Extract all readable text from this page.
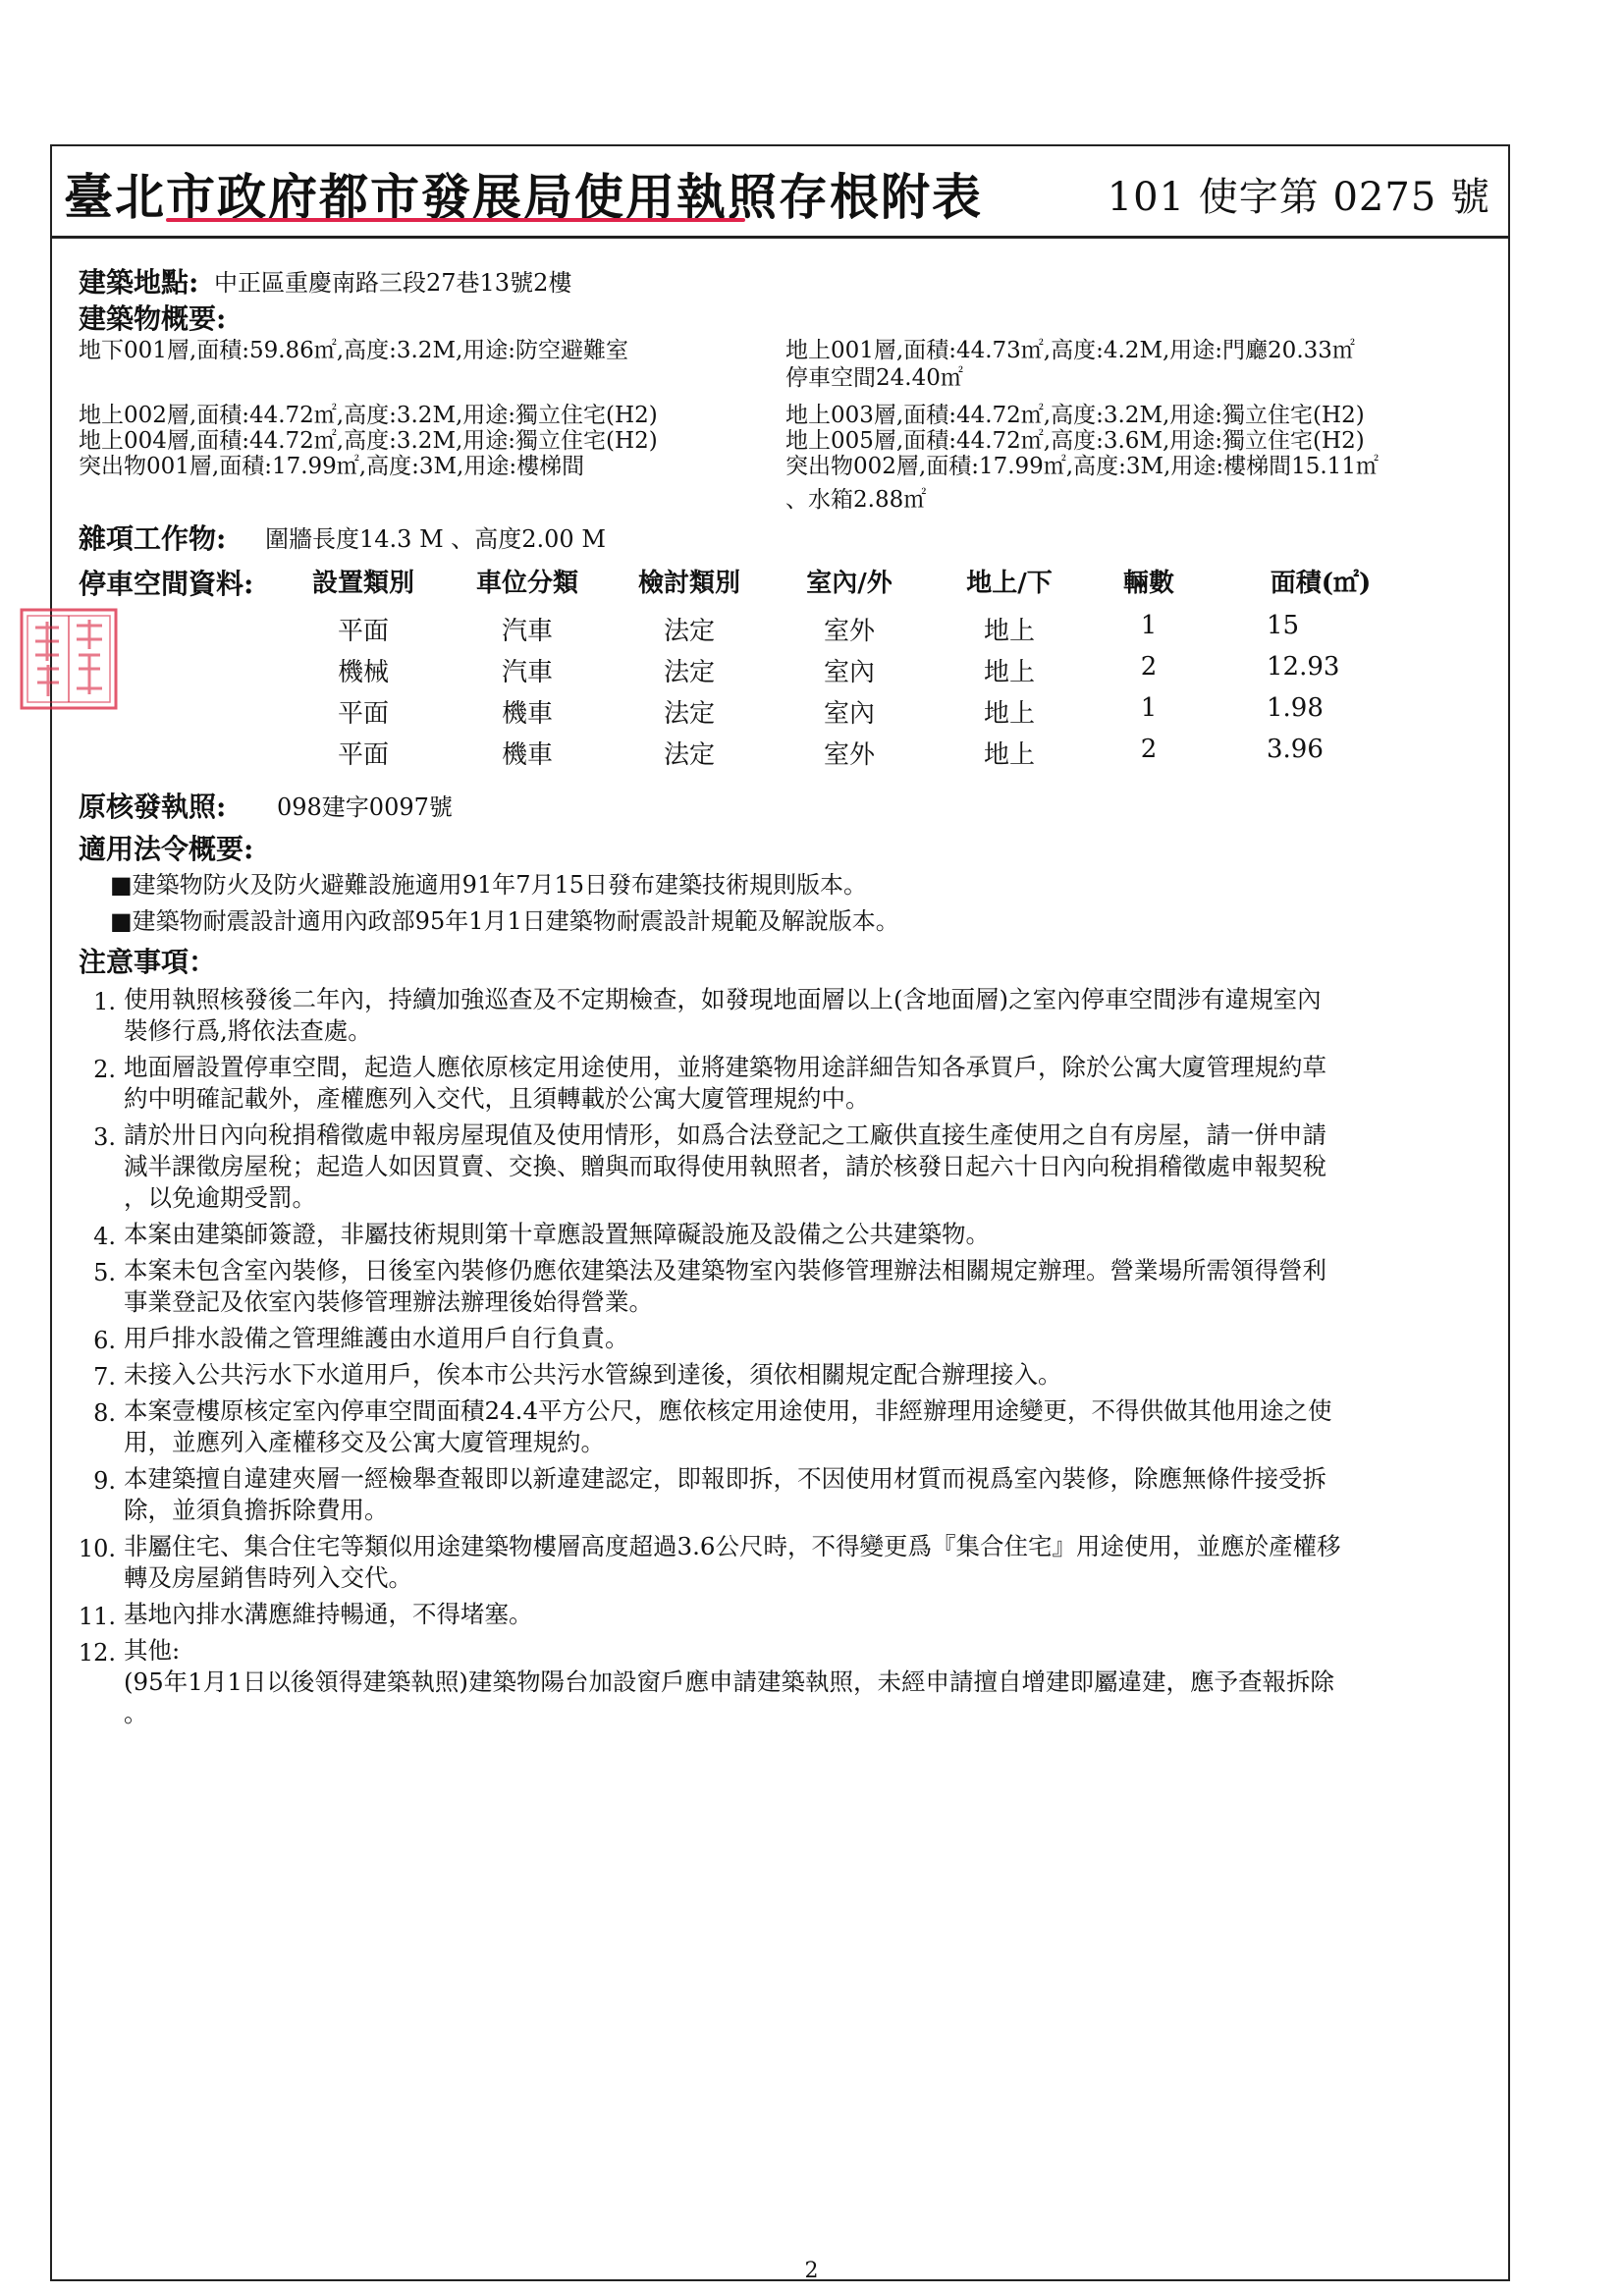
臺北市政府都市發展局使用執照存根附表	101 使字第 0275 號
建築地點: 中正區重慶南路三段27巷13號2樓
建築物概要:
地下001層,面積:59.86㎡,高度:3.2M,用途:防空避難室
地上002層,面積:44.72㎡,高度:3.2M,用途:獨立住宅(H2)
地上004層,面積:44.72㎡,高度:3.2M,用途:獨立住宅(H2)
突出物001層,面積:17.99㎡,高度:3M,用途:樓梯間
地上001層,面積:44.73㎡,高度:4.2M,用途:門廳20.33㎡
停車空間24.40㎡
地上003層,面積:44.72㎡,高度:3.2M,用途:獨立住宅(H2)
地上005層,面積:44.72㎡,高度:3.6M,用途:獨立住宅(H2)
突出物002層,面積:17.99㎡,高度:3M,用途:樓梯間15.11㎡
、水箱2.88㎡
雜項工作物: 圍牆長度14.3 M 、高度2.00 M
停車空間資料:	設置類別	車位分類	檢討類別	室內/外	地上/下	輛數	面積(㎡)
平面	汽車	法定	室外	地上	1	15
機械	汽車	法定	室內	地上	2	12.93
平面	機車	法定	室內	地上	1	1.98
平面	機車	法定	室外	地上	2	3.96
原核發執照: 098建字0097號
適用法令概要:
■建築物防火及防火避難設施適用91年7月15日發布建築技術規則版本。
■建築物耐震設計適用內政部95年1月1日建築物耐震設計規範及解說版本。
注意事項：
1. 使用執照核發後二年內，持續加強巡查及不定期檢查，如發現地面層以上(含地面層)之室內停車空間涉有違規室內
裝修行爲,將依法查處。
2. 地面層設置停車空間，起造人應依原核定用途使用，並將建築物用途詳細告知各承買戶，除於公寓大廈管理規約草
約中明確記載外，產權應列入交代，且須轉載於公寓大廈管理規約中。
3. 請於卅日內向稅捐稽徵處申報房屋現值及使用情形，如爲合法登記之工廠供直接生產使用之自有房屋，請一併申請
減半課徵房屋稅；起造人如因買賣、交換、贈與而取得使用執照者，請於核發日起六十日內向稅捐稽徵處申報契稅
，以免逾期受罰。
4. 本案由建築師簽證，非屬技術規則第十章應設置無障礙設施及設備之公共建築物。
5. 本案未包含室內裝修，日後室內裝修仍應依建築法及建築物室內裝修管理辦法相關規定辦理。營業場所需領得營利
事業登記及依室內裝修管理辦法辦理後始得營業。
6. 用戶排水設備之管理維護由水道用戶自行負責。
7. 未接入公共污水下水道用戶，俟本市公共污水管線到達後，須依相關規定配合辦理接入。
8. 本案壹樓原核定室內停車空間面積24.4平方公尺，應依核定用途使用，非經辦理用途變更，不得供做其他用途之使
用，並應列入產權移交及公寓大廈管理規約。
9. 本建築擅自違建夾層一經檢舉查報即以新違建認定，即報即拆，不因使用材質而視爲室內裝修，除應無條件接受拆
除，並須負擔拆除費用。
10. 非屬住宅、集合住宅等類似用途建築物樓層高度超過3.6公尺時，不得變更爲『集合住宅』用途使用，並應於產權移
轉及房屋銷售時列入交代。
11. 基地內排水溝應維持暢通，不得堵塞。
12. 其他:
(95年1月1日以後領得建築執照)建築物陽台加設窗戶應申請建築執照，未經申請擅自增建即屬違建，應予查報拆除
。
2
